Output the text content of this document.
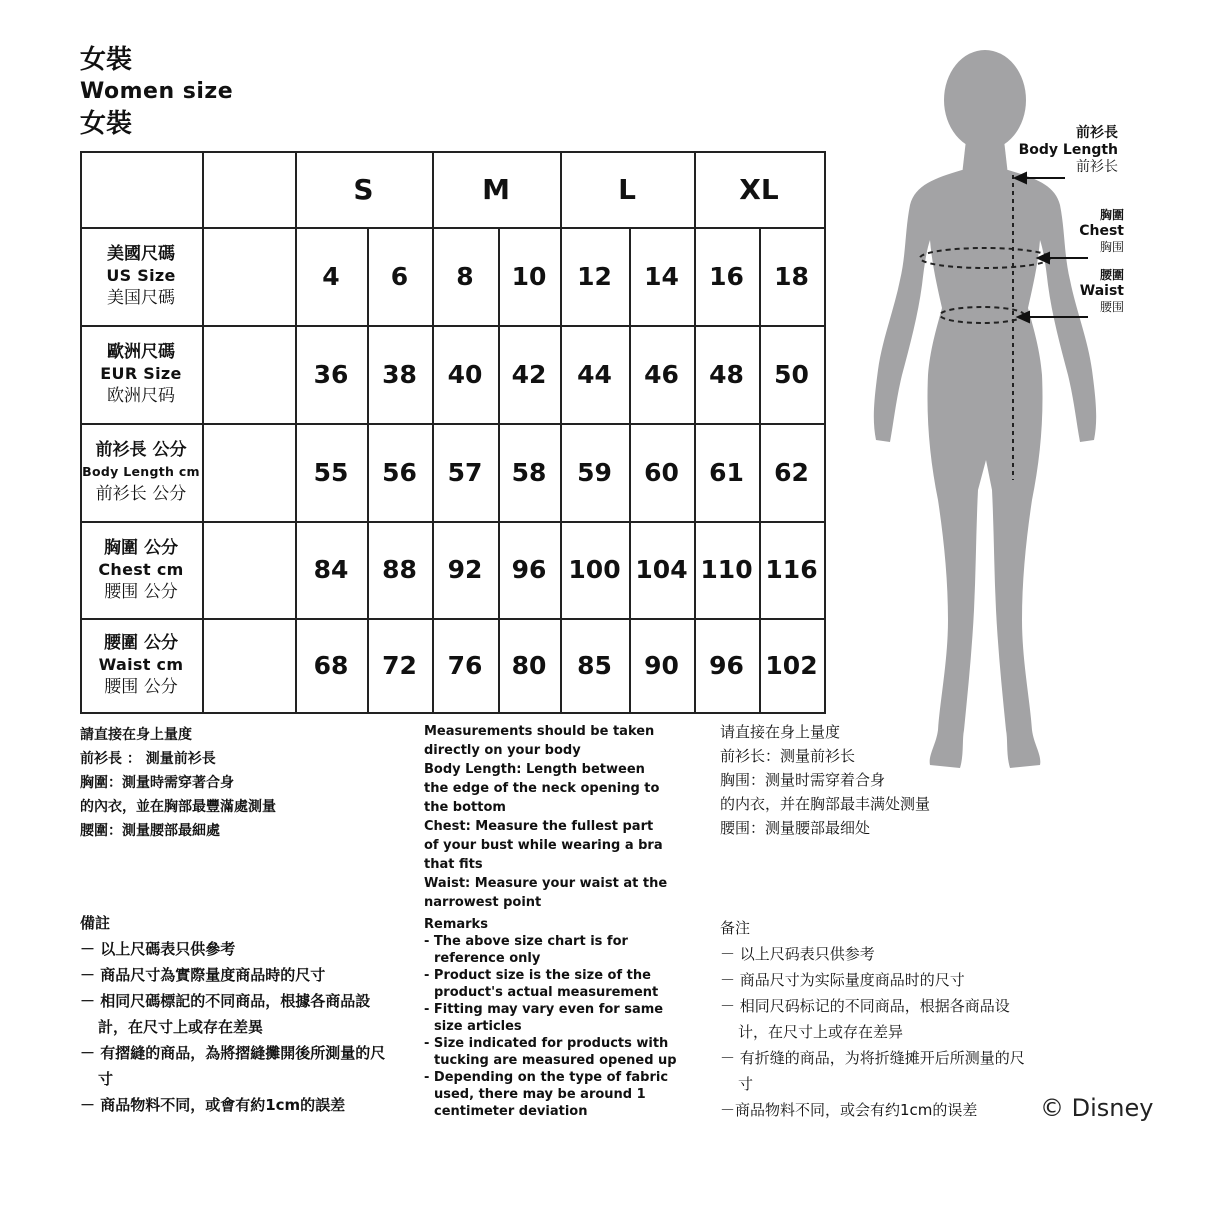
女裝
Women size
女裝
S	M	L	XL
美國尺碼
US Size
美国尺碼
4	6	8	10	12	14	16	18
歐洲尺碼
EUR Size
欧洲尺码
36	38	40	42	44	46	48	50
前衫長 公分
Body Length cm
前衫长 公分
55	56	57	58	59	60	61	62
胸圍 公分
Chest cm
腰围 公分
84	88	92	96 100 104 110 116
腰圍 公分
Waist cm
腰围 公分
68	72	76	80	85	90	96 102
請直接在身上量度
前衫長 ： 測量前衫長
胸圍：測量時需穿著合身
的內衣，並在胸部最豐滿處測量
腰圍：測量腰部最細處
Measurements should be taken
directly on your body
Body Length: Length between
the edge of the neck opening to
the bottom
Chest: Measure the fullest part
of your bust while wearing a bra
that fits
Waist: Measure your waist at the
narrowest point
请直接在身上量度
前衫长：测量前衫长
胸围：测量时需穿着合身
的内衣，并在胸部最丰满处测量
腰围：测量腰部最细处
備註
－ 以上尺碼表只供參考
－ 商品尺寸為實際量度商品時的尺寸
－ 相同尺碼標記的不同商品，根據各商品設計，在尺寸上或存在差異
－ 有摺縫的商品，為將摺縫攤開後所測量的尺寸
－ 商品物料不同，或會有約1cm的誤差
Remarks
- The above size chart is for reference only
- Product size is the size of the product's actual measurement
- Fitting may vary even for same size articles
- Size indicated for products with tucking are measured opened up
- Depending on the type of fabric used, there may be around 1 centimeter deviation
备注
－ 以上尺码表只供参考
－ 商品尺寸为实际量度商品时的尺寸
－ 相同尺码标记的不同商品，根据各商品设计，在尺寸上或存在差异
－ 有折缝的商品，为将折缝摊开后所测量的尺寸
－商品物料不同，或会有约1cm的误差
前衫長
Body Length
前衫长
胸圍
Chest
胸围
腰圍
Waist
腰围
© Disney
